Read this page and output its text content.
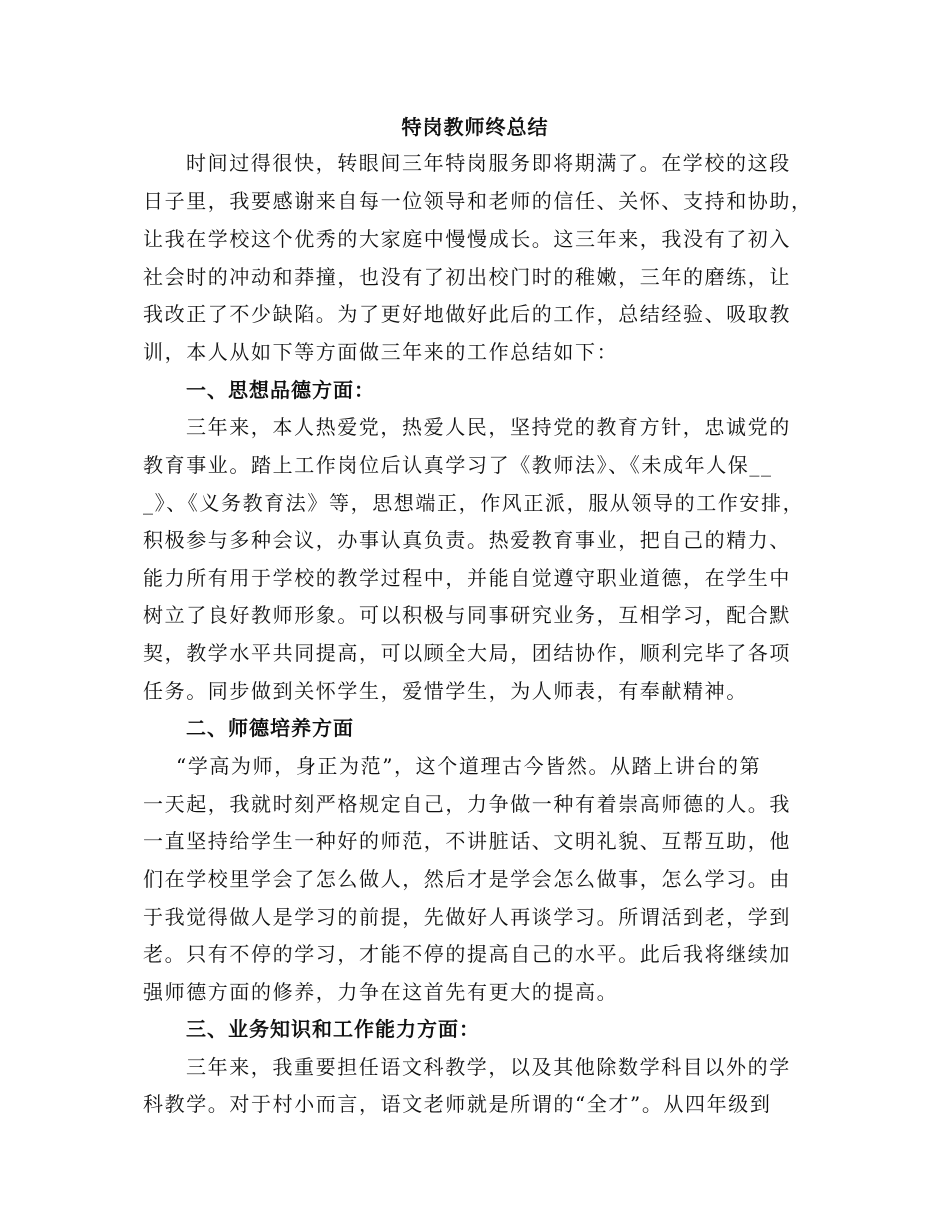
特岗教师终总结
时间过得很快，转眼间三年特岗服务即将期满了。在学校的这段
日子里，我要感谢来自每一位领导和老师的信任、关怀、支持和协助，
让我在学校这个优秀的大家庭中慢慢成长。这三年来，我没有了初入
社会时的冲动和莽撞，也没有了初出校门时的稚嫩，三年的磨练，让
我改正了不少缺陷。为了更好地做好此后的工作，总结经验、吸取教
训，本人从如下等方面做三年来的工作总结如下：
一、思想品德方面：
三年来，本人热爱党，热爱人民，坚持党的教育方针，忠诚党的
教育事业。踏上工作岗位后认真学习了《教师法》、《未成年人保__
_》、《义务教育法》等，思想端正，作风正派，服从领导的工作安排，
积极参与多种会议，办事认真负责。热爱教育事业，把自己的精力、
能力所有用于学校的教学过程中，并能自觉遵守职业道德，在学生中
树立了良好教师形象。可以积极与同事研究业务，互相学习，配合默
契，教学水平共同提高，可以顾全大局，团结协作，顺利完毕了各项
任务。同步做到关怀学生，爱惜学生，为人师表，有奉献精神。
二、师德培养方面
“学高为师，身正为范”，这个道理古今皆然。从踏上讲台的第
一天起，我就时刻严格规定自己，力争做一种有着崇高师德的人。我
一直坚持给学生一种好的师范，不讲脏话、文明礼貌、互帮互助，他
们在学校里学会了怎么做人，然后才是学会怎么做事，怎么学习。由
于我觉得做人是学习的前提，先做好人再谈学习。所谓活到老，学到
老。只有不停的学习，才能不停的提高自己的水平。此后我将继续加
强师德方面的修养，力争在这首先有更大的提高。
三、业务知识和工作能力方面：
三年来，我重要担任语文科教学，以及其他除数学科目以外的学
科教学。对于村小而言，语文老师就是所谓的“全才”。从四年级到
